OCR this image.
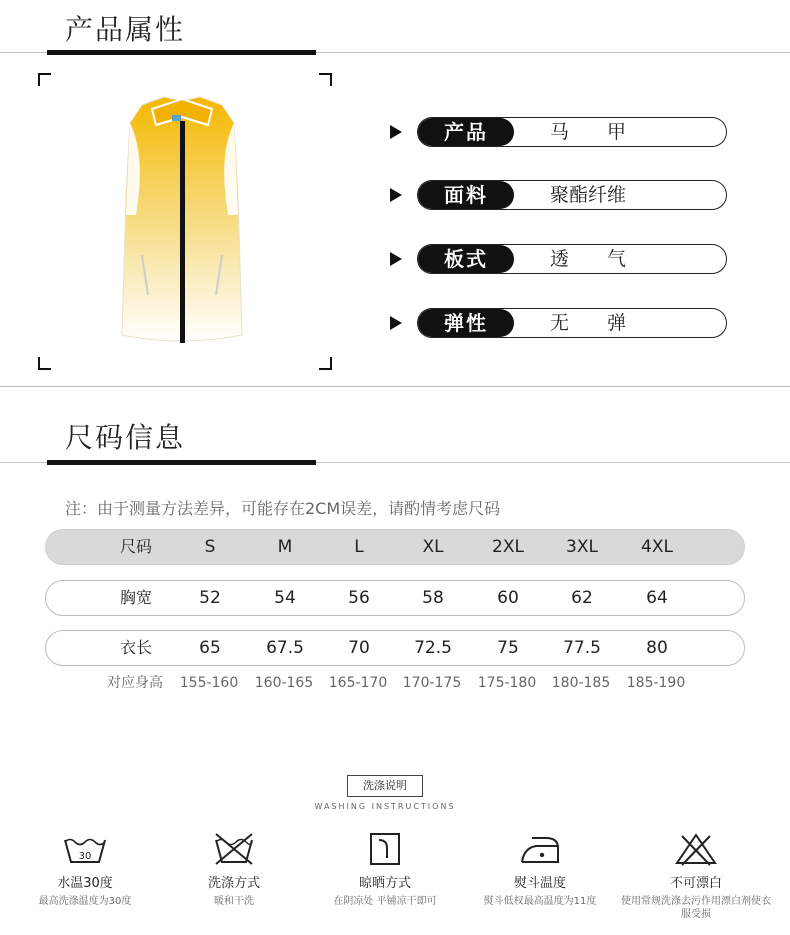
产品属性
产品	马　　甲
面料	聚酯纤维
板式	透　　气
弹性	无　　弹
尺码信息
注：由于测量方法差异，可能存在2CM误差，请酌情考虑尺码
尺码	S	M	L	XL	2XL	3XL	4XL
胸宽	52	54	56	58	60	62	64
衣长	65	67.5	70	72.5	75	77.5	80
对应身高	155-160	160-165	165-170	170-175	175-180	180-185	185-190
洗涤说明
WASHING INSTRUCTIONS
30
水温30度
最高洗涤温度为30度
洗涤方式
暖和干洗
晾晒方式
在阴凉处 平铺凉干即可
熨斗温度
熨斗低权最高温度为11度
不可漂白
使用常规洗涤去污作用漂白剂使衣服受损
